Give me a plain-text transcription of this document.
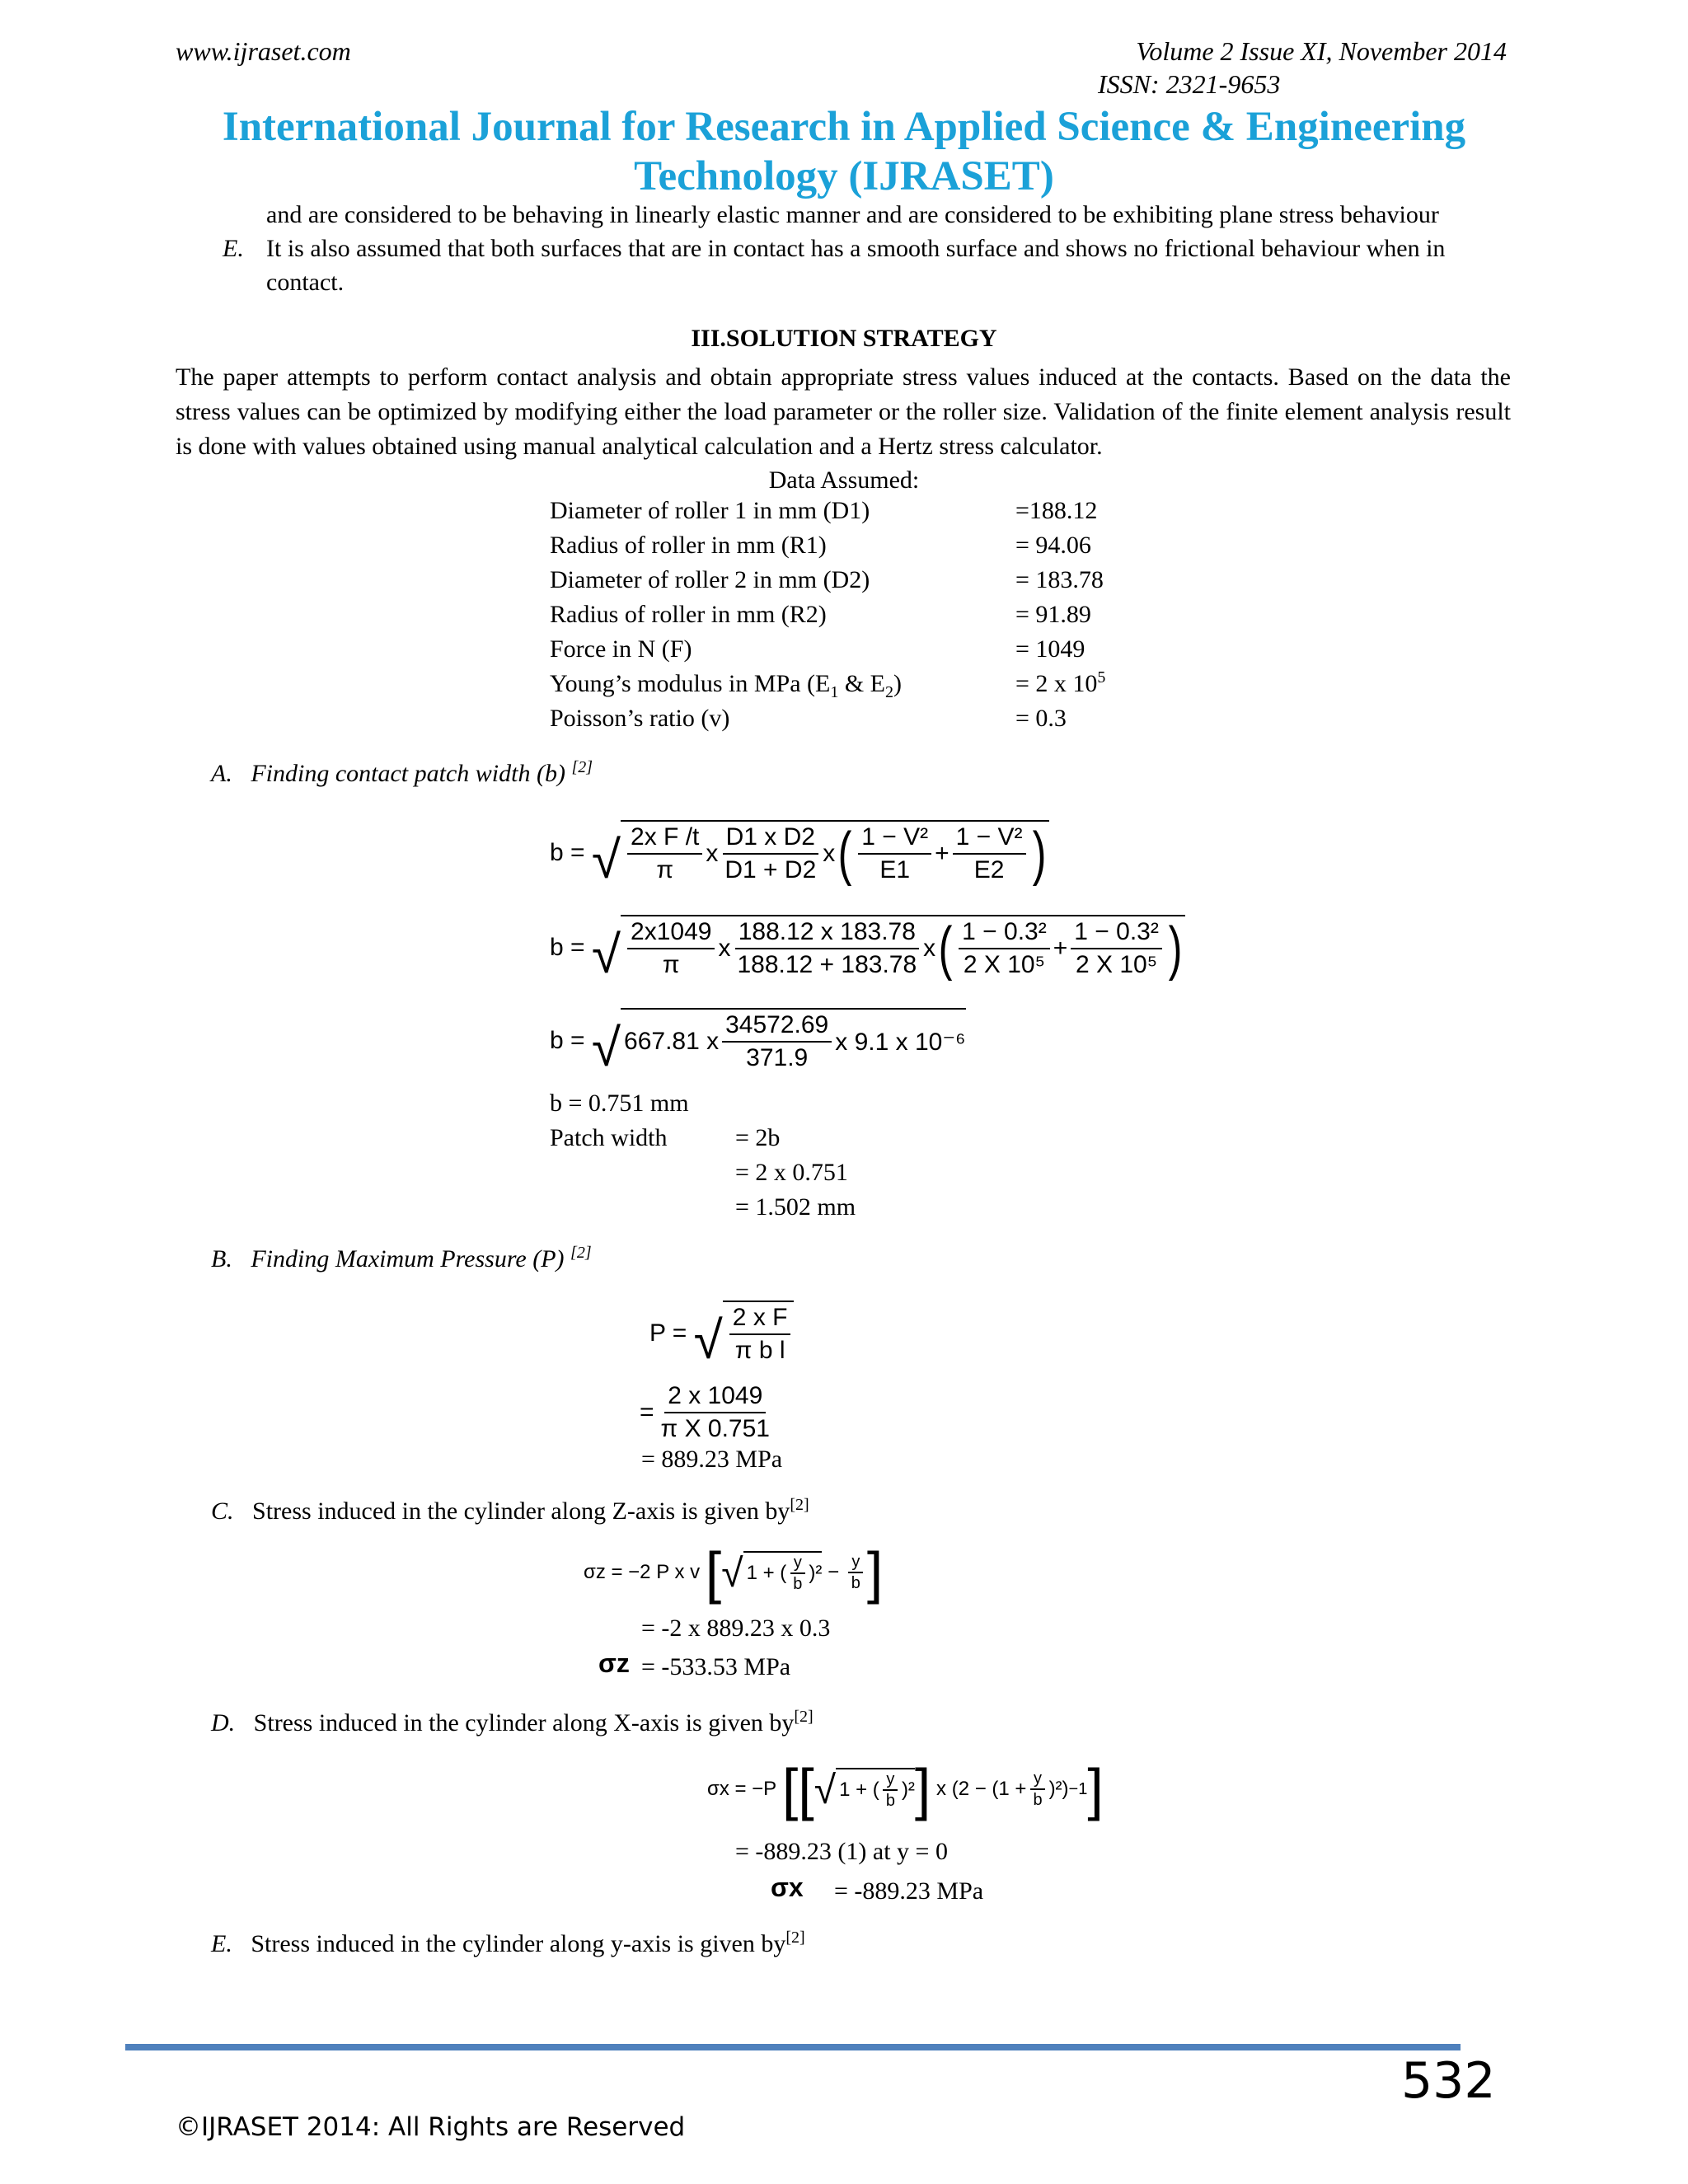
www.ijraset.com	Volume 2 Issue XI, November 2014
ISSN: 2321-9653
International Journal for Research in Applied Science & Engineering
Technology (IJRASET)
and are considered to be behaving in linearly elastic manner and are considered to be exhibiting plane stress behaviour
E. It is also assumed that both surfaces that are in contact has a smooth surface and shows no frictional behaviour when in
contact.
III.SOLUTION STRATEGY
The paper attempts to perform contact analysis and obtain appropriate stress values induced at the contacts. Based on the data the stress values can be optimized by modifying either the load parameter or the roller size. Validation of the finite element analysis result is done with values obtained using manual analytical calculation and a Hertz stress calculator.
Data Assumed:
Diameter of roller 1 in mm (D1)	=188.12
Radius of roller in mm (R1)	= 94.06
Diameter of roller 2 in mm (D2)	= 183.78
Radius of roller in mm (R2)	= 91.89
Force in N (F)	= 1049
Young’s modulus in MPa ($E_1$ & $E_2$)	= 2 x $10^5$
Poisson’s ratio (v)	= 0.3
A. Finding contact patch width (b) [2]
b =
√ $\frac{\text{2x F /t}}{\pi}$ x $\frac{\text{D1 x D2}}{D1 + D2}$ x ( $\frac{\text{1 − V²}}{E1} + \frac{\text{1 − V²}}{E2}$ )
b =
√ $\frac{2x1049}{\pi}$ x $\frac{188.12 x 183.78}{188.12 + 183.78}$ x ( $\frac{\text{1 − 0.3²}}{\text{2 X 10⁵}} + \frac{\text{1 − 0.3²}}{\text{2 X 10⁵}}$ )
b =
√ 667.81 x $\frac{34572.69}{371.9}$ x 9.1 x 10⁻⁶
b = 0.751 mm
Patch width	= 2b
= 2 x 0.751
= 1.502 mm
B. Finding Maximum Pressure (P) [2]
P =
√ $\frac{\text{2 x F}}{\text{π b l}}$
= $\frac{2 x 1049}{\text{π X 0.751}}$
= 889.23 MPa
C. Stress induced in the cylinder along Z-axis is given by[2]
σz = −2 P x v
[ √ 1 + ( $\frac{y}{b} )^2$
−
$\frac{y}{b}$ ]
= -2 x 889.23 x 0.3
σz = -533.53 MPa
D. Stress induced in the cylinder along X-axis is given by[2]
σx = −P
[[ √ 1 + ( $\frac{y}{b} )^2$ ] x $(2 - (1 + \frac{y}{b} )^2) -1$ ]
= -889.23 (1) at y = 0
σx = -889.23 MPa
E. Stress induced in the cylinder along y-axis is given by[2]
532
©IJRASET 2014: All Rights are Reserved
